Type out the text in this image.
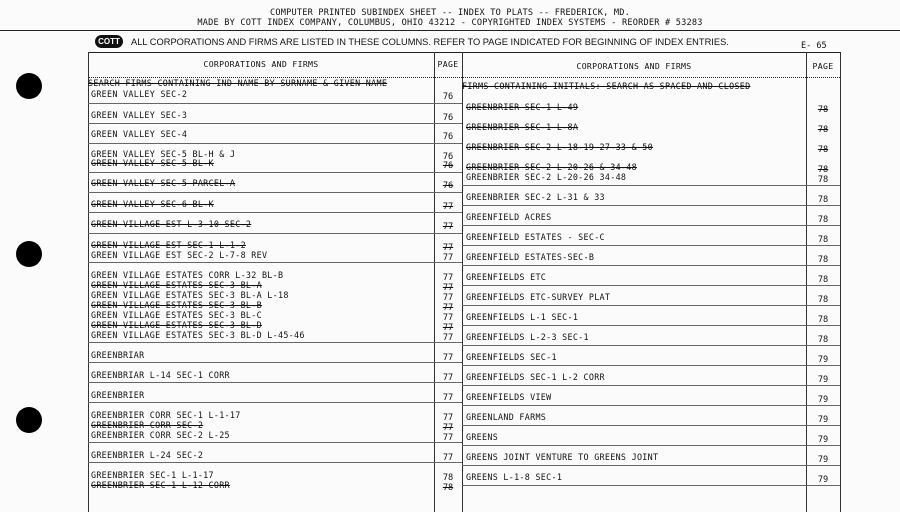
COMPUTER PRINTED SUBINDEX SHEET -- INDEX TO PLATS -- FREDERICK, MD.
MADE BY COTT INDEX COMPANY, COLUMBUS, OHIO 43212 - COPYRIGHTED INDEX SYSTEMS - REORDER # 53283
COTT	ALL CORPORATIONS AND FIRMS ARE LISTED IN THESE COLUMNS. REFER TO PAGE INDICATED FOR BEGINNING OF INDEX ENTRIES.	E- 65
CORPORATIONS AND FIRMS	PAGE	CORPORATIONS AND FIRMS	PAGE
SEARCH FIRMS CONTAINING IND NAME BY SURNAME & GIVEN NAME	FIRMS CONTAINING INITIALS: SEARCH AS SPACED AND CLOSED
GREEN VALLEY SEC-2	76
GREEN VALLEY SEC-3	76
GREEN VALLEY SEC-4	76
GREEN VALLEY SEC-5 BL-H & J	76
GREEN VALLEY SEC-5 BL-K	76
GREEN VALLEY SEC-5 PARCEL-A	76
GREEN VALLEY SEC-6 BL-K	77
GREEN VILLAGE EST L-3-10 SEC-2	77
GREEN VILLAGE EST SEC-1 L-1-2	77
GREEN VILLAGE EST SEC-2 L-7-8 REV	77
GREEN VILLAGE ESTATES CORR L-32 BL-B	77
GREEN VILLAGE ESTATES SEC-3 BL-A	77
GREEN VILLAGE ESTATES SEC-3 BL-A L-18	77
GREEN VILLAGE ESTATES SEC-3 BL-B	77
GREEN VILLAGE ESTATES SEC-3 BL-C	77
GREEN VILLAGE ESTATES SEC-3 BL-D	77
GREEN VILLAGE ESTATES SEC-3 BL-D L-45-46	77
GREENBRIAR	77
GREENBRIAR L-14 SEC-1 CORR	77
GREENBRIER	77
GREENBRIER CORR SEC-1 L-1-17	77
GREENBRIER CORR SEC-2	77
GREENBRIER CORR SEC-2 L-25	77
GREENBRIER L-24 SEC-2	77
GREENBRIER SEC-1 L-1-17	78
GREENBRIER SEC-1 L-12 CORR	78
GREENBRIER SEC-1 L-49	78
GREENBRIER SEC-1 L-8A	78
GREENBRIER SEC-2 L-18-19 27-33 & 50	78
GREENBRIER SEC-2 L-20-26 & 34-48	78
GREENBRIER SEC-2 L-20-26 34-48	78
GREENBRIER SEC-2 L-31 & 33	78
GREENFIELD ACRES	78
GREENFIELD ESTATES - SEC-C	78
GREENFIELD ESTATES-SEC-B	78
GREENFIELDS ETC	78
GREENFIELDS ETC-SURVEY PLAT	78
GREENFIELDS L-1 SEC-1	78
GREENFIELDS L-2-3 SEC-1	78
GREENFIELDS SEC-1	79
GREENFIELDS SEC-1 L-2 CORR	79
GREENFIELDS VIEW	79
GREENLAND FARMS	79
GREENS	79
GREENS JOINT VENTURE TO GREENS JOINT	79
GREENS L-1-8 SEC-1	79
